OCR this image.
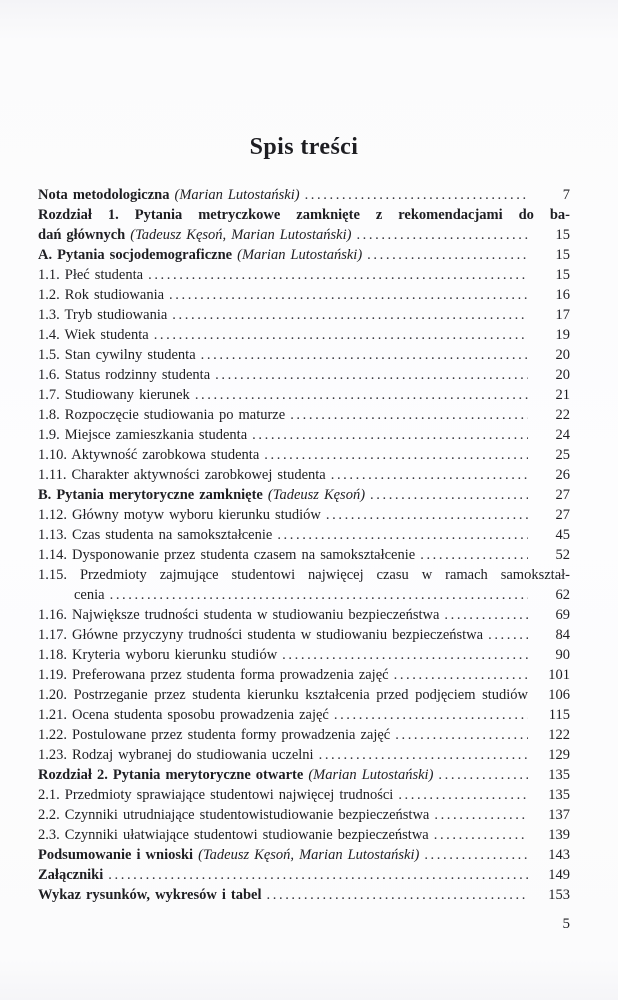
Spis treści
Nota metodologiczna (Marian Lutostański) .....	7
Rozdział 1. Pytania metryczkowe zamknięte z rekomendacjami do ba-
dań głównych (Tadeusz Kęsoń, Marian Lutostański) .....	15
A. Pytania socjodemograficzne (Marian Lutostański) .....	15
1.1. Płeć studenta .....	15
1.2. Rok studiowania .....	16
1.3. Tryb studiowania .....	17
1.4. Wiek studenta .....	19
1.5. Stan cywilny studenta .....	20
1.6. Status rodzinny studenta .....	20
1.7. Studiowany kierunek .....	21
1.8. Rozpoczęcie studiowania po maturze .....	22
1.9. Miejsce zamieszkania studenta .....	24
1.10. Aktywność zarobkowa studenta .....	25
1.11. Charakter aktywności zarobkowej studenta .....	26
B. Pytania merytoryczne zamknięte (Tadeusz Kęsoń) .....	27
1.12. Główny motyw wyboru kierunku studiów .....	27
1.13. Czas studenta na samokształcenie .....	45
1.14. Dysponowanie przez studenta czasem na samokształcenie .....	52
1.15. Przedmioty zajmujące studentowi najwięcej czasu w ramach samokształ-
cenia .....	62
1.16. Największe trudności studenta w studiowaniu bezpieczeństwa .....	69
1.17. Główne przyczyny trudności studenta w studiowaniu bezpieczeństwa .....	84
1.18. Kryteria wyboru kierunku studiów .....	90
1.19. Preferowana przez studenta forma prowadzenia zajęć .....	101
1.20. Postrzeganie przez studenta kierunku kształcenia przed podjęciem studiów	106
1.21. Ocena studenta sposobu prowadzenia zajęć .....	115
1.22. Postulowane przez studenta formy prowadzenia zajęć .....	122
1.23. Rodzaj wybranej do studiowania uczelni .....	129
Rozdział 2. Pytania merytoryczne otwarte (Marian Lutostański) .....	135
2.1. Przedmioty sprawiające studentowi najwięcej trudności .....	135
2.2. Czynniki utrudniające studentowistudiowanie bezpieczeństwa .....	137
2.3. Czynniki ułatwiające studentowi studiowanie bezpieczeństwa .....	139
Podsumowanie i wnioski (Tadeusz Kęsoń, Marian Lutostański) .....	143
Załączniki .....	149
Wykaz rysunków, wykresów i tabel .....	153
5
